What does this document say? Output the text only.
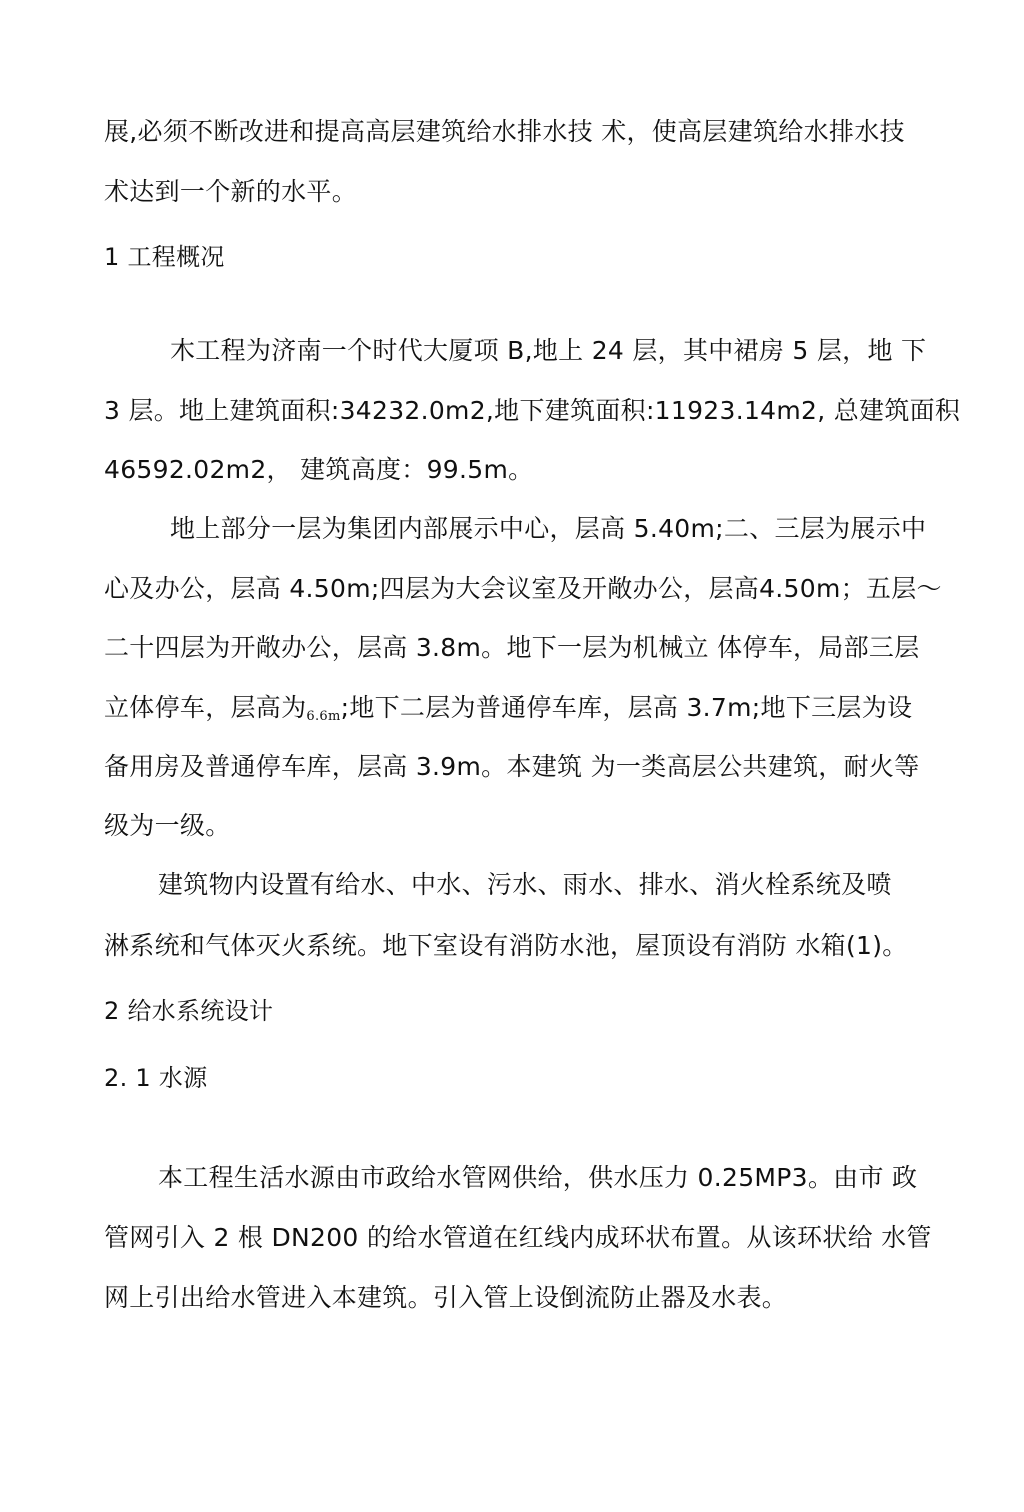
展,必须不断改进和提高高层建筑给水排水技 术，使高层建筑给水排水技
术达到一个新的水平。
1 工程概况
木工程为济南一个时代大厦项 B,地上 24 层，其中裙房 5 层，地 下
3 层。地上建筑面积:34232.0m2,地下建筑面积:11923.14m2, 总建筑面积
46592.02m2， 建筑高度：99.5m。
地上部分一层为集团内部展示中心，层高 5.40m;二、三层为展示中
心及办公，层高 4.50m;四层为大会议室及开敞办公，层高4.50m；五层～
二十四层为开敞办公，层高 3.8m。地下一层为机械立 体停车，局部三层
立体停车，层高为6.6m;地下二层为普通停车库，层高 3.7m;地下三层为设
备用房及普通停车库，层高 3.9m。本建筑 为一类高层公共建筑，耐火等
级为一级。
建筑物内设置有给水、中水、污水、雨水、排水、消火栓系统及喷
淋系统和气体灭火系统。地下室设有消防水池，屋顶设有消防 水箱(1)。
2 给水系统设计
2. 1 水源
本工程生活水源由市政给水管网供给，供水压力 0.25MP3。由市 政
管网引入 2 根 DN200 的给水管道在红线内成环状布置。从该环状给 水管
网上引出给水管进入本建筑。引入管上设倒流防止器及水表。
